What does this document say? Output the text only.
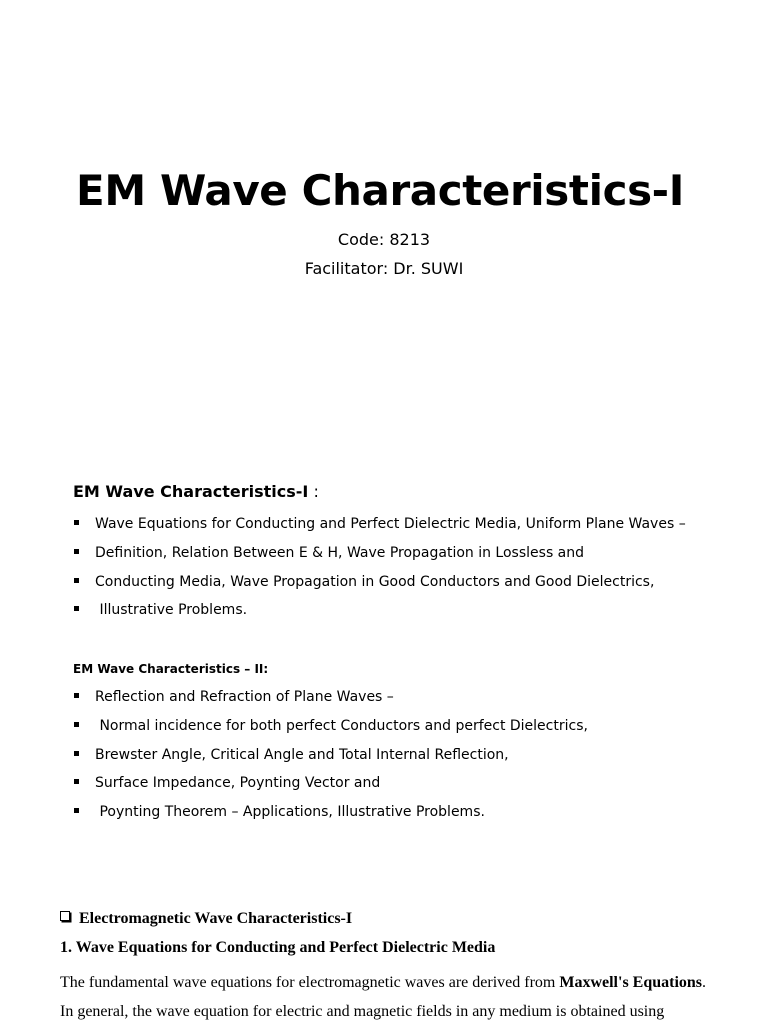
EM Wave Characteristics-I
Code: 8213
Facilitator: Dr. SUWI
EM Wave Characteristics-I :
Wave Equations for Conducting and Perfect Dielectric Media, Uniform Plane Waves –
Definition, Relation Between E & H, Wave Propagation in Lossless and
Conducting Media, Wave Propagation in Good Conductors and Good Dielectrics,
Illustrative Problems.
EM Wave Characteristics – II:
Reflection and Refraction of Plane Waves –
Normal incidence for both perfect Conductors and perfect Dielectrics,
Brewster Angle, Critical Angle and Total Internal Reflection,
Surface Impedance, Poynting Vector and
Poynting Theorem – Applications, Illustrative Problems.
Electromagnetic Wave Characteristics-I
1. Wave Equations for Conducting and Perfect Dielectric Media

The fundamental wave equations for electromagnetic waves are derived from Maxwell's Equations.
In general, the wave equation for electric and magnetic fields in any medium is obtained using
